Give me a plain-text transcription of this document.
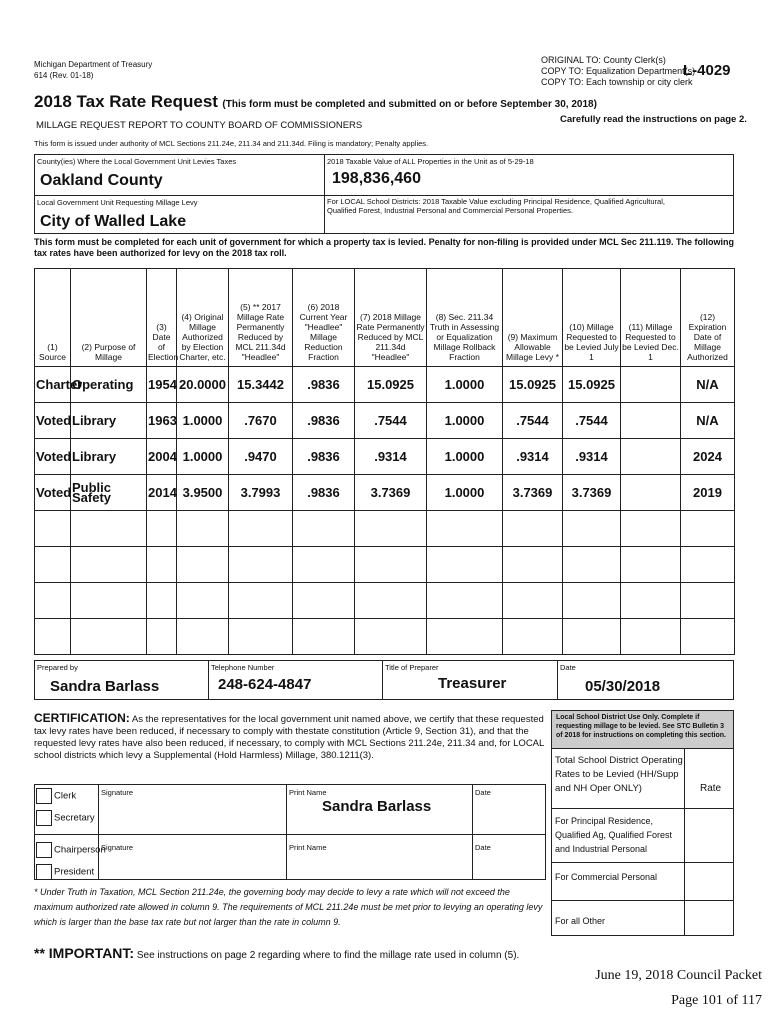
Michigan Department of Treasury
614 (Rev. 01-18)
ORIGINAL TO: County Clerk(s)
COPY TO: Equalization Department(s)
COPY TO: Each township or city clerk
L-4029
2018 Tax Rate Request (This form must be completed and submitted on or before September 30, 2018)
MILLAGE REQUEST REPORT TO COUNTY BOARD OF COMMISSIONERS
Carefully read the instructions on page 2.
This form is issued under authority of MCL Sections 211.24e, 211.34 and 211.34d. Filing is mandatory; Penalty applies.
County(ies) Where the Local Government Unit Levies Taxes
Oakland County
2018 Taxable Value of ALL Properties in the Unit as of 5-29-18
198,836,460
Local Government Unit Requesting Millage Levy
City of Walled Lake
For LOCAL School Districts: 2018 Taxable Value excluding Principal Residence, Qualified Agricultural, Qualified Forest, Industrial Personal and Commercial Personal Properties.
This form must be completed for each unit of government for which a property tax is levied. Penalty for non-filing is provided under MCL Sec 211.119. The following tax rates have been authorized for levy on the 2018 tax roll.
(1) Source	(2) Purpose of Millage	(3) Date of Election	(4) Original Millage Authorized by Election Charter, etc.	(5) ** 2017 Millage Rate Permanently Reduced by MCL 211.34d "Headlee"	(6) 2018 Current Year "Headlee" Millage Reduction Fraction	(7) 2018 Millage Rate Permanently Reduced by MCL 211.34d "Headlee"	(8) Sec. 211.34 Truth in Assessing or Equalization Millage Rollback Fraction	(9) Maximum Allowable Millage Levy *	(10) Millage Requested to be Levied July 1	(11) Millage Requested to be Levied Dec. 1	(12) Expiration Date of Millage Authorized
Charter	Operating	1954	20.0000	15.3442	.9836	15.0925	1.0000	15.0925	15.0925		N/A
Voted	Library	1963	1.0000	.7670	.9836	.7544	1.0000	.7544	.7544		N/A
Voted	Library	2004	1.0000	.9470	.9836	.9314	1.0000	.9314	.9314		2024
Voted	Public Safety	2014	3.9500	3.7993	.9836	3.7369	1.0000	3.7369	3.7369		2019

Prepared by
Sandra Barlass
Telephone Number
248-624-4847
Title of Preparer
Treasurer
Date
05/30/2018
CERTIFICATION: As the representatives for the local government unit named above, we certify that these requested tax levy rates have been reduced, if necessary to comply with thestate constitution (Article 9, Section 31), and that the requested levy rates have also been reduced, if necessary, to comply with MCL Sections 211.24e, 211.34 and, for LOCAL school districts which levy a Supplemental (Hold Harmless) Millage, 380.1211(3).
Clerk
Secretary
Chairperson
President
Signature	Print Name
Sandra Barlass
Date
Signature	Print Name	Date
* Under Truth in Taxation, MCL Section 211.24e, the governing body may decide to levy a rate which will not exceed the maximum authorized rate allowed in column 9. The requirements of MCL 211.24e must be met prior to levying an operating levy which is larger than the base tax rate but not larger than the rate in column 9.
** IMPORTANT: See instructions on page 2 regarding where to find the millage rate used in column (5).
Local School District Use Only. Complete if requesting millage to be levied. See STC Bulletin 3 of 2018 for instructions on completing this section.
Total School District Operating Rates to be Levied (HH/Supp and NH Oper ONLY)	Rate
For Principal Residence, Qualified Ag, Qualified Forest and Industrial Personal
For Commercial Personal
For all Other
June 19, 2018 Council Packet
Page 101 of 117
